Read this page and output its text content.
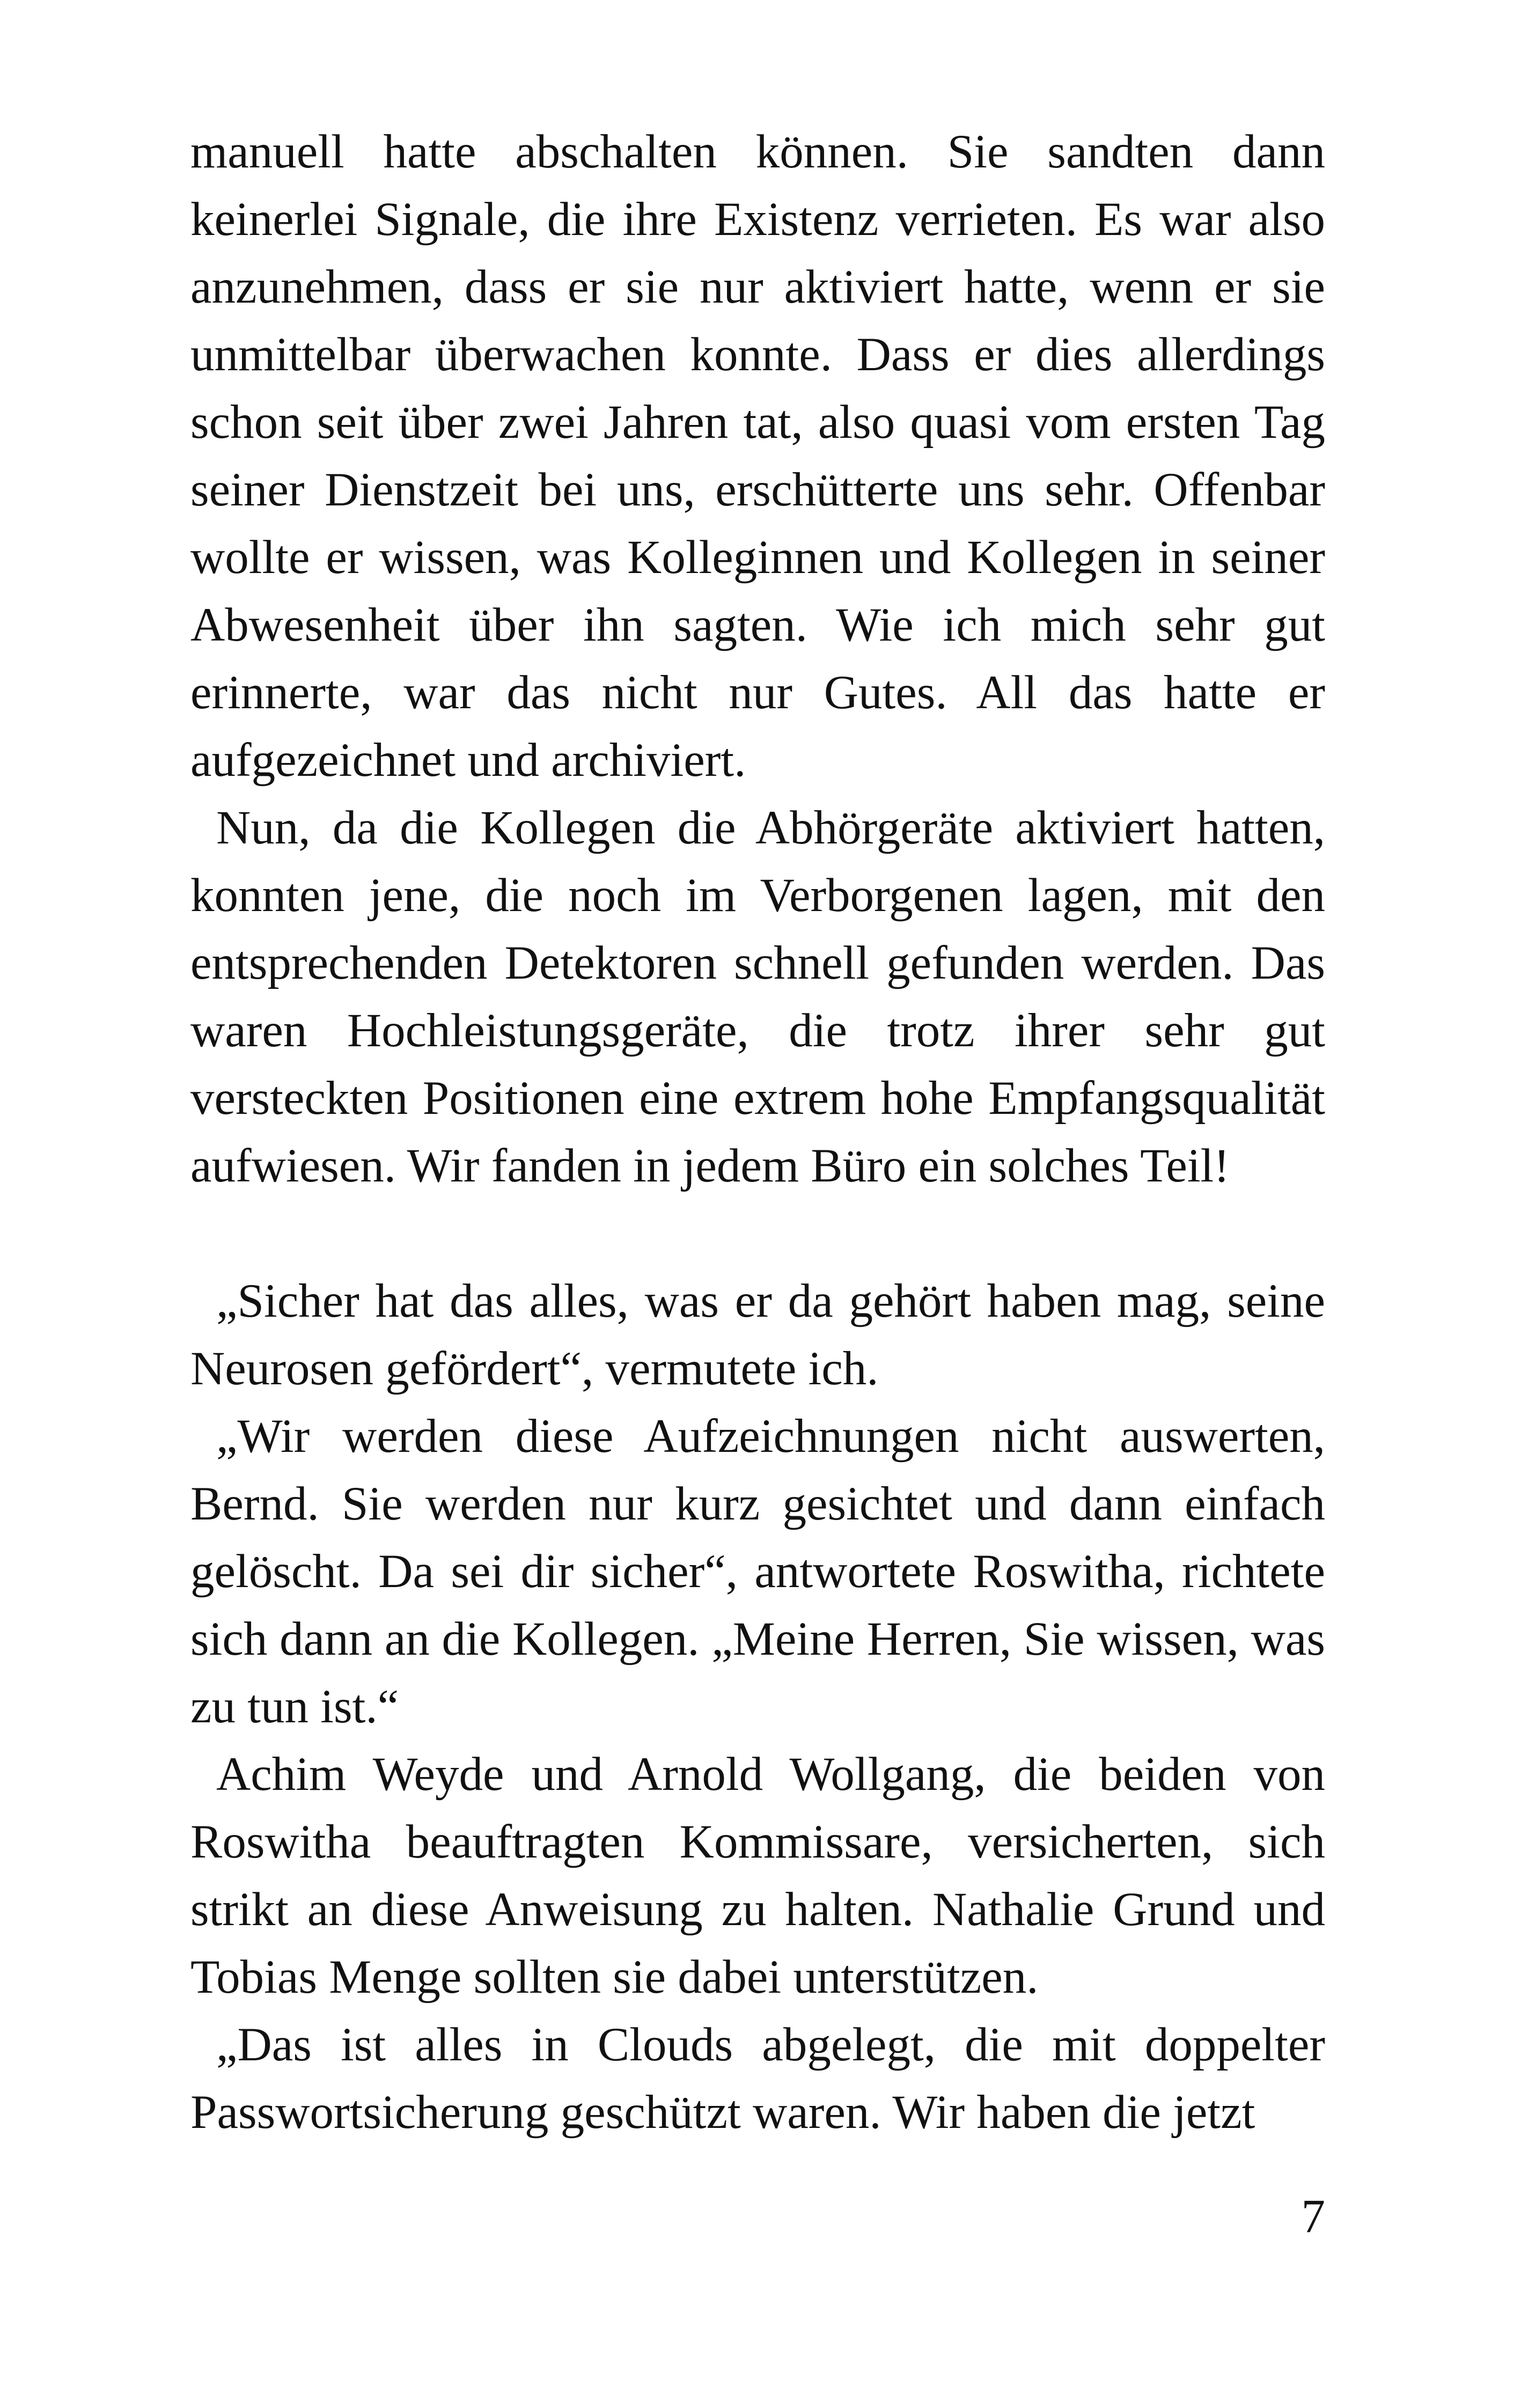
manuell hatte abschalten können. Sie sandten dann keinerlei Signale, die ihre Existenz verrieten. Es war also anzunehmen, dass er sie nur aktiviert hatte, wenn er sie unmittelbar überwachen konnte. Dass er dies allerdings schon seit über zwei Jahren tat, also quasi vom ersten Tag seiner Dienstzeit bei uns, erschütterte uns sehr. Offenbar wollte er wissen, was Kolleginnen und Kollegen in seiner Abwesenheit über ihn sagten. Wie ich mich sehr gut erinnerte, war das nicht nur Gutes. All das hatte er aufgezeichnet und archiviert.

Nun, da die Kollegen die Abhörgeräte aktiviert hatten, konnten jene, die noch im Verborgenen lagen, mit den entsprechenden Detektoren schnell gefunden werden. Das waren Hochleistungsgeräte, die trotz ihrer sehr gut versteckten Positionen eine extrem hohe Empfangsqualität aufwiesen. Wir fanden in jedem Büro ein solches Teil!

„Sicher hat das alles, was er da gehört haben mag, seine Neurosen gefördert“, vermutete ich.

„Wir werden diese Aufzeichnungen nicht auswerten, Bernd. Sie werden nur kurz gesichtet und dann einfach gelöscht. Da sei dir sicher“, antwortete Roswitha, richtete sich dann an die Kollegen. „Meine Herren, Sie wissen, was zu tun ist.“

Achim Weyde und Arnold Wollgang, die beiden von Roswitha beauftragten Kommissare, versicherten, sich strikt an diese Anweisung zu halten. Nathalie Grund und Tobias Menge sollten sie dabei unterstützen.

„Das ist alles in Clouds abgelegt, die mit doppelter Passwortsicherung geschützt waren. Wir haben die jetzt

7
